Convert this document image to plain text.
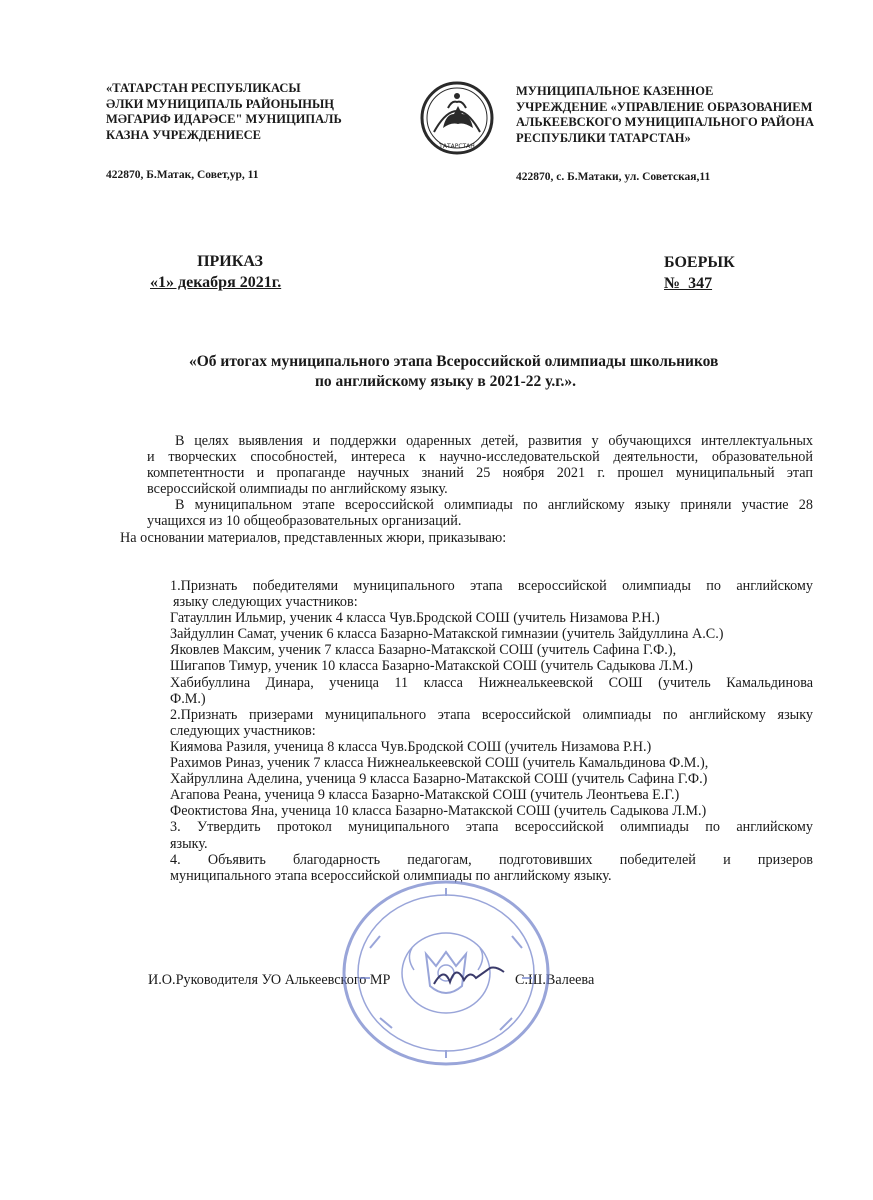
«ТАТАРСТАН РЕСПУБЛИКАСЫ
ӘЛКИ МУНИЦИПАЛЬ РАЙОНЫНЫҢ
МӘГАРИФ ИДАРӘСЕ" МУНИЦИПАЛЬ
КАЗНА УЧРЕЖДЕНИЕСЕ
422870, Б.Матак, Совет,ур, 11
ТАТАРСТАН
МУНИЦИПАЛЬНОЕ КАЗЕННОЕ
УЧРЕЖДЕНИЕ «УПРАВЛЕНИЕ ОБРАЗОВАНИЕМ
АЛЬКЕЕВСКОГО МУНИЦИПАЛЬНОГО РАЙОНА
РЕСПУБЛИКИ ТАТАРСТАН»
422870, с. Б.Матаки, ул. Советская,11
ПРИКАЗ
«1» декабря 2021г.
БОЕРЫК
№  347
«Об итогах муниципального этапа Всероссийской олимпиады школьников
по английскому языку в 2021-22 у.г.».
В целях выявления и поддержки одаренных детей, развития у обучающихся интеллектуальных
и творческих способностей, интереса к научно-исследовательской деятельности, образовательной
компетентности и пропаганде научных знаний 25 ноября 2021 г. прошел муниципальный этап
всероссийской олимпиады по английскому языку.
В муниципальном этапе всероссийской олимпиады по английскому языку приняли участие 28
учащихся из 10 общеобразовательных организаций.
На основании материалов, представленных жюри, приказываю:
1.Признать победителями муниципального этапа всероссийской олимпиады по английскому
языку следующих участников:
Гатауллин Ильмир, ученик 4 класса Чув.Бродской СОШ (учитель Низамова Р.Н.)
Зайдуллин Самат, ученик 6 класса Базарно-Матакской гимназии (учитель Зайдуллина А.С.)
Яковлев Максим, ученик 7 класса Базарно-Матакской СОШ (учитель Сафина Г.Ф.),
Шигапов Тимур, ученик 10 класса Базарно-Матакской СОШ (учитель Садыкова Л.М.)
Хабибуллина Динара, ученица 11 класса Нижнеалькеевской СОШ (учитель Камальдинова
Ф.М.)
2.Признать призерами муниципального этапа всероссийской олимпиады по английскому языку
следующих участников:
Киямова Разиля, ученица 8 класса Чув.Бродской СОШ (учитель Низамова Р.Н.)
Рахимов Риназ, ученик 7 класса Нижнеалькеевской СОШ (учитель Камальдинова Ф.М.),
Хайруллина Аделина, ученица 9 класса Базарно-Матакской СОШ (учитель Сафина Г.Ф.)
Агапова Реана, ученица 9 класса Базарно-Матакской СОШ (учитель Леонтьева Е.Г.)
Феоктистова Яна, ученица 10 класса Базарно-Матакской СОШ (учитель Садыкова Л.М.)
3. Утвердить протокол муниципального этапа всероссийской олимпиады по английскому
языку.
4.   Объявить   благодарность   педагогам,   подготовивших   победителей   и   призеров
муниципального этапа всероссийской олимпиады по английскому языку.
И.О.Руководителя УО Алькеевского МР	С.Ш.Валеева
